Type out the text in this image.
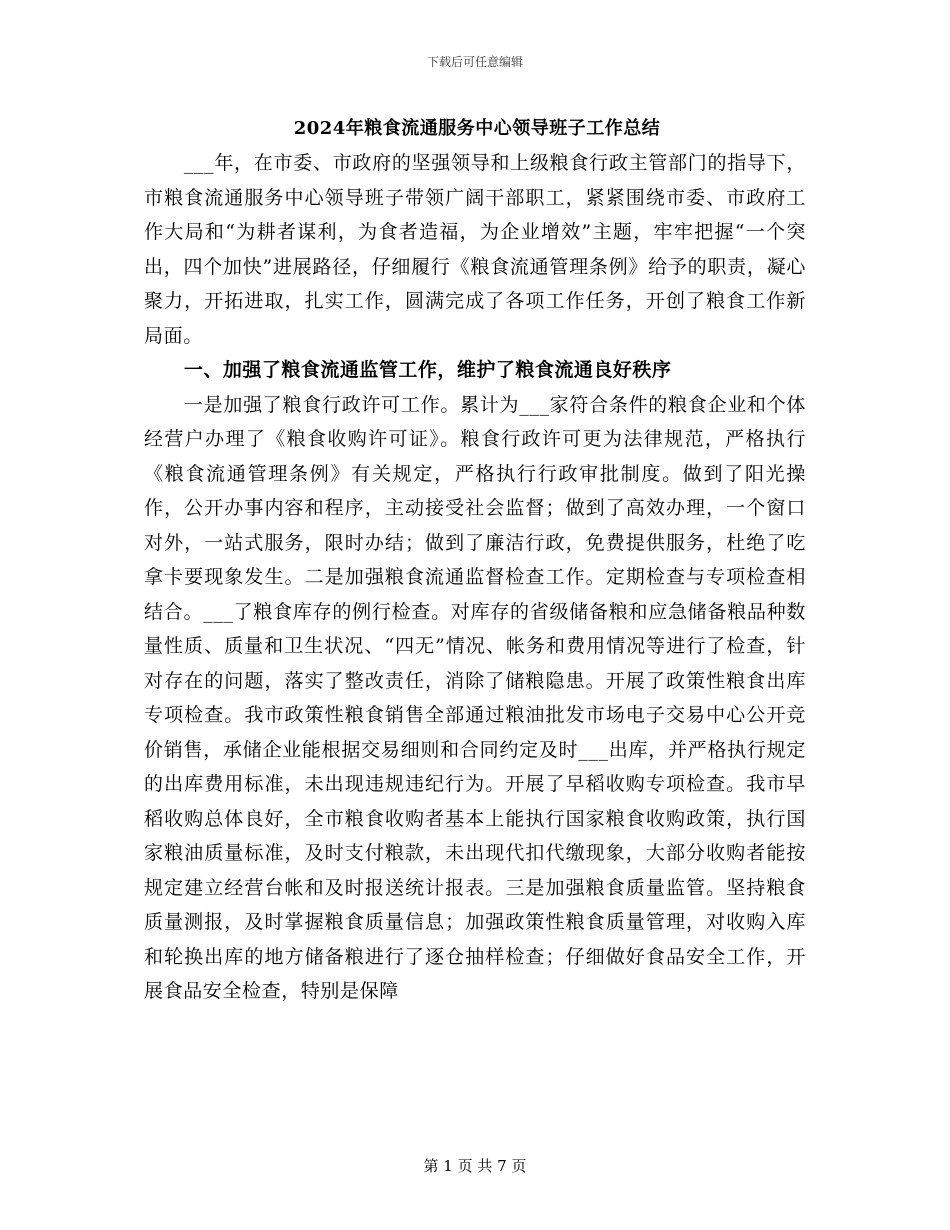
下载后可任意编辑
2024年粮食流通服务中心领导班子工作总结

___年，在市委、市政府的坚强领导和上级粮食行政主管部门的指导下，市粮食流通服务中心领导班子带领广阔干部职工，紧紧围绕市委、市政府工作大局和“为耕者谋利，为食者造福，为企业增效”主题，牢牢把握“一个突出，四个加快”进展路径，仔细履行《粮食流通管理条例》给予的职责，凝心聚力，开拓进取，扎实工作，圆满完成了各项工作任务，开创了粮食工作新局面。

一、加强了粮食流通监管工作，维护了粮食流通良好秩序

一是加强了粮食行政许可工作。累计为___家符合条件的粮食企业和个体经营户办理了《粮食收购许可证》。粮食行政许可更为法律规范，严格执行《粮食流通管理条例》有关规定，严格执行行政审批制度。做到了阳光操作，公开办事内容和程序，主动接受社会监督；做到了高效办理，一个窗口对外，一站式服务，限时办结；做到了廉洁行政，免费提供服务，杜绝了吃拿卡要现象发生。二是加强粮食流通监督检查工作。定期检查与专项检查相结合。___了粮食库存的例行检查。对库存的省级储备粮和应急储备粮品种数量性质、质量和卫生状况、“四无”情况、帐务和费用情况等进行了检查，针对存在的问题，落实了整改责任，消除了储粮隐患。开展了政策性粮食出库专项检查。我市政策性粮食销售全部通过粮油批发市场电子交易中心公开竞价销售，承储企业能根据交易细则和合同约定及时___出库，并严格执行规定的出库费用标准，未出现违规违纪行为。开展了早稻收购专项检查。我市早稻收购总体良好，全市粮食收购者基本上能执行国家粮食收购政策，执行国家粮油质量标准，及时支付粮款，未出现代扣代缴现象，大部分收购者能按规定建立经营台帐和及时报送统计报表。三是加强粮食质量监管。坚持粮食质量测报，及时掌握粮食质量信息；加强政策性粮食质量管理，对收购入库和轮换出库的地方储备粮进行了逐仓抽样检查；仔细做好食品安全工作，开展食品安全检查，特别是保障

第 1 页 共 7 页
